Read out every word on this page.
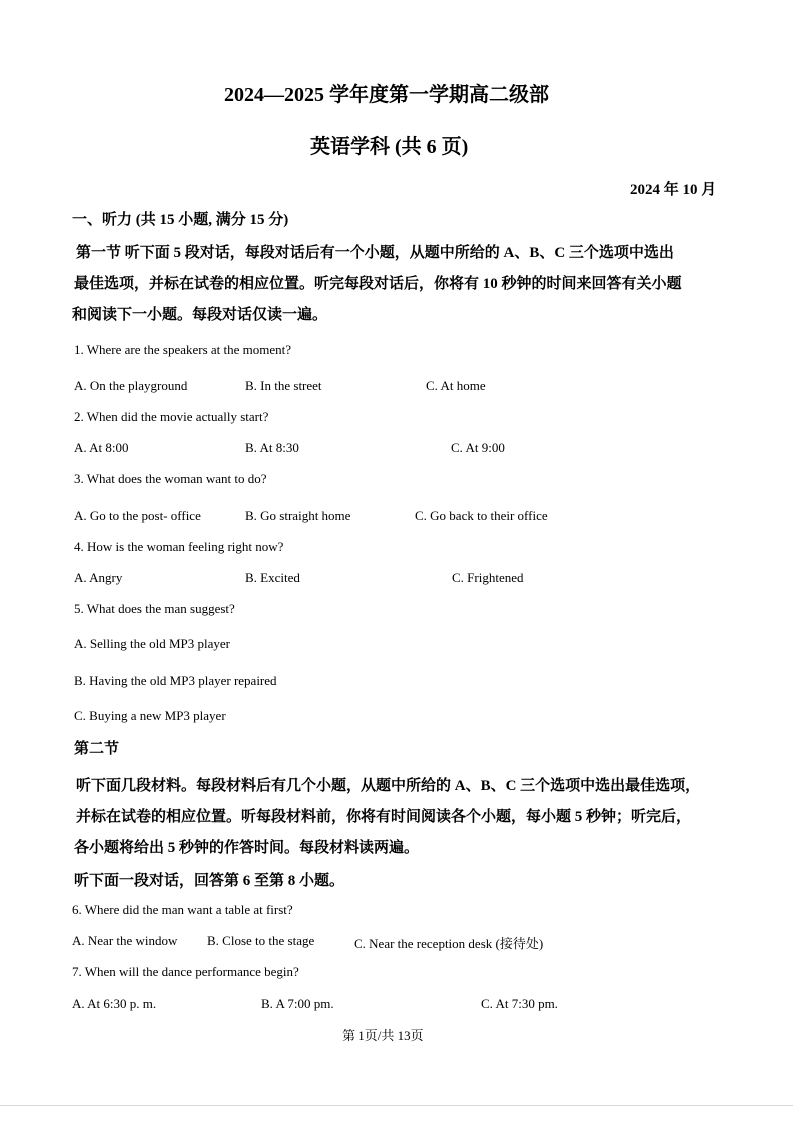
2024—2025 学年度第一学期高二级部
英语学科 (共 6 页)
2024 年 10 月
一、听力 (共 15 小题, 满分 15 分)
第一节 听下面 5 段对话，每段对话后有一个小题，从题中所给的 A、B、C 三个选项中选出
最佳选项，并标在试卷的相应位置。听完每段对话后，你将有 10 秒钟的时间来回答有关小题
和阅读下一小题。每段对话仅读一遍。
1. Where are the speakers at the moment?
A. On the playground	B. In the street	C. At home
2. When did the movie actually start?
A. At 8:00	B. At 8:30	C. At 9:00
3. What does the woman want to do?
A. Go to the post- office	B. Go straight home	C. Go back to their office
4. How is the woman feeling right now?
A. Angry	B. Excited	C. Frightened
5. What does the man suggest?
A. Selling the old MP3 player
B. Having the old MP3 player repaired
C. Buying a new MP3 player
第二节
听下面几段材料。每段材料后有几个小题，从题中所给的 A、B、C 三个选项中选出最佳选项，
并标在试卷的相应位置。听每段材料前，你将有时间阅读各个小题，每小题 5 秒钟；听完后，
各小题将给出 5 秒钟的作答时间。每段材料读两遍。
听下面一段对话，回答第 6 至第 8 小题。
6. Where did the man want a table at first?
A. Near the window B. Close to the stage	C. Near the reception desk (接待处)
7. When will the dance performance begin?
A. At 6:30 p. m.	B. A 7:00 pm.	C. At 7:30 pm.
第 1页/共 13页
